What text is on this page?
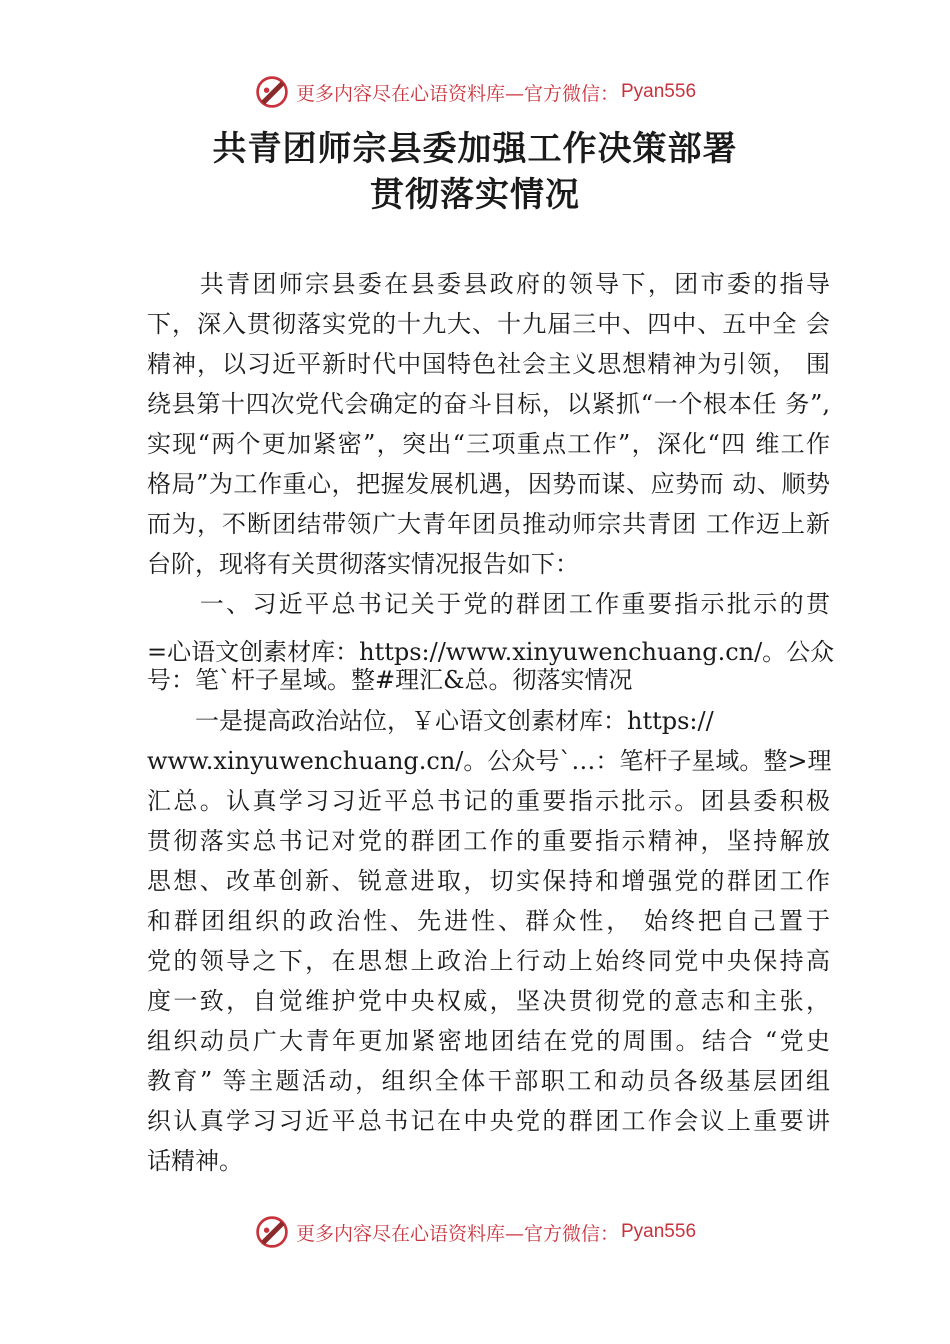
更多内容尽在心语资料库—官方微信： Pyan556
共青团师宗县委加强工作决策部署
贯彻落实情况
　　共青团师宗县委在县委县政府的领导下，团市委的指导
下，深入贯彻落实党的十九大、十九届三中、四中、五中全 会
精神，以习近平新时代中国特色社会主义思想精神为引领， 围
绕县第十四次党代会确定的奋斗目标，以紧抓“一个根本任 务”,
实现“两个更加紧密”，突出“三项重点工作”，深化“四 维工作
格局”为工作重心，把握发展机遇，因势而谋、应势而 动、顺势
而为，不断团结带领广大青年团员推动师宗共青团 工作迈上新
台阶，现将有关贯彻落实情况报告如下：
　　一、习近平总书记关于党的群团工作重要指示批示的贯
=心语文创素材库：https://www.xinyuwenchuang.cn/。公众
号：笔`杆子星域。整#理汇&总。彻落实情况
　　一是提高政治站位，￥心语文创素材库：https://
www.xinyuwenchuang.cn/。公众号`…：笔杆子星域。整>理
汇总。认真学习习近平总书记的重要指示批示。团县委积极
贯彻落实总书记对党的群团工作的重要指示精神，坚持解放
思想、改革创新、锐意进取，切实保持和增强党的群团工作
和群团组织的政治性、先进性、群众性， 始终把自己置于
党的领导之下，在思想上政治上行动上始终同党中央保持高
度一致，自觉维护党中央权威，坚决贯彻党的意志和主张，
组织动员广大青年更加紧密地团结在党的周围。结合 “党史
教育” 等主题活动，组织全体干部职工和动员各级基层团组
织认真学习习近平总书记在中央党的群团工作会议上重要讲
话精神。
更多内容尽在心语资料库—官方微信： Pyan556
